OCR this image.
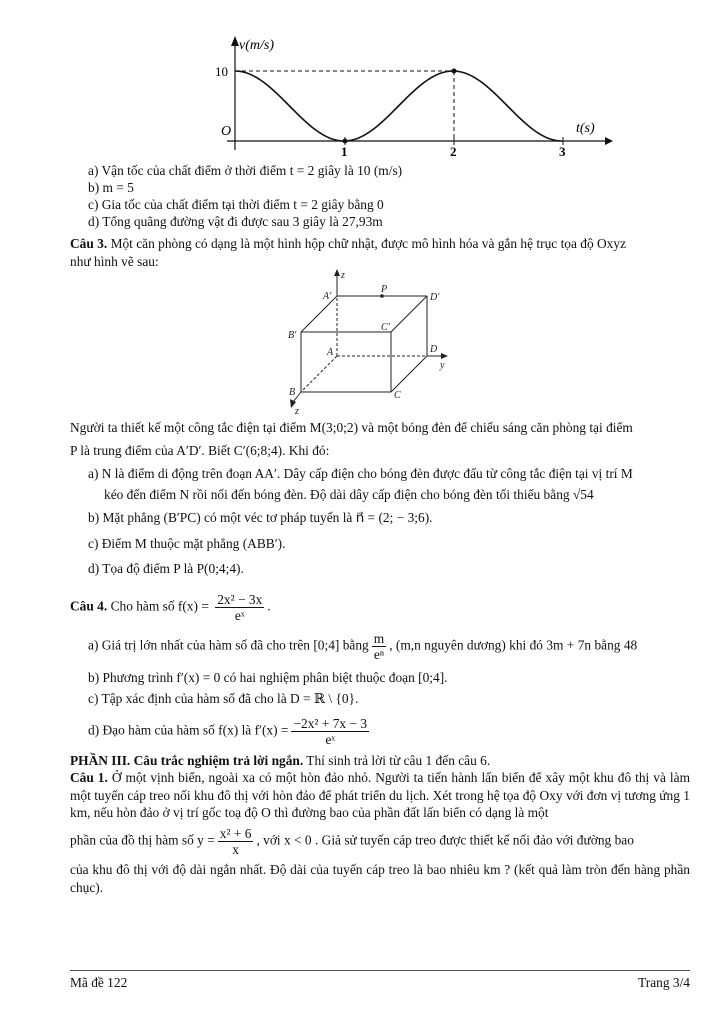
v(m/s)
t(s)
O
10
1	2	3
a) Vận tốc của chất điểm ở thời điểm t = 2 giây là 10 (m/s)
b) m = 5
c) Gia tốc của chất điểm tại thời điểm t = 2 giây bằng 0
d) Tổng quãng đường vật đi được sau 3 giây là 27,93m
Câu 3. Một căn phòng có dạng là một hình hộp chữ nhật, được mô hình hóa và gắn hệ trục tọa độ Oxyz
như hình vẽ sau:
z
y
A′
P
D′
B′
C′
A	D
B	C
z
Người ta thiết kế một công tắc điện tại điểm M(3;0;2) và một bóng đèn để chiếu sáng căn phòng tại điểm
P là trung điểm của A′D′. Biết C′(6;8;4). Khi đó:
a) N là điểm di động trên đoạn AA′. Dây cấp điện cho bóng đèn được đấu từ công tắc điện tại vị trí M
kéo đến điểm N rồi nối đến bóng đèn. Độ dài dây cấp điện cho bóng đèn tối thiểu bằng √54
b) Mặt phẳng (B′PC) có một véc tơ pháp tuyến là n⃗ = (2; − 3;6).
c) Điểm M thuộc mặt phẳng (ABB′).
d) Tọa độ điểm P là P(0;4;4).
Câu 4. Cho hàm số $f(x) = \frac{\text{2x² − 3x}}{\text{eˣ}}$ .
a) Giá trị lớn nhất của hàm số đã cho trên [0;4] bằng $\frac{m}{\text{eⁿ}}$ , (m,n nguyên dương) khi đó 3m + 7n bằng 48
b) Phương trình f′(x) = 0 có hai nghiệm phân biệt thuộc đoạn [0;4].
c) Tập xác định của hàm số đã cho là D = ℝ \ {0}.
d) Đạo hàm của hàm số f(x) là $f'(x) = \frac{\text{−2x² + 7x − 3}}{\text{eˣ}}$
PHẦN III. Câu trắc nghiệm trả lời ngắn. Thí sinh trả lời từ câu 1 đến câu 6.
Câu 1. Ở một vịnh biển, ngoài xa có một hòn đảo nhỏ. Người ta tiến hành lấn biển để xây một khu đô thị và làm một tuyến cáp treo nối khu đô thị với hòn đảo để phát triển du lịch. Xét trong hệ tọa độ Oxy với đơn vị tương ứng 1 km, nếu hòn đảo ở vị trí gốc toạ độ O thì đường bao của phần đất lấn biển có dạng là một
phần của đồ thị hàm số $y = \frac{\text{x² + 6}}{x}$ , với x < 0 . Giả sử tuyến cáp treo được thiết kế nối đảo với đường bao
của khu đô thị với độ dài ngắn nhất. Độ dài của tuyến cáp treo là bao nhiêu km ? (kết quả làm tròn đến hàng phần chục).
Mã đề 122	Trang 3/4
